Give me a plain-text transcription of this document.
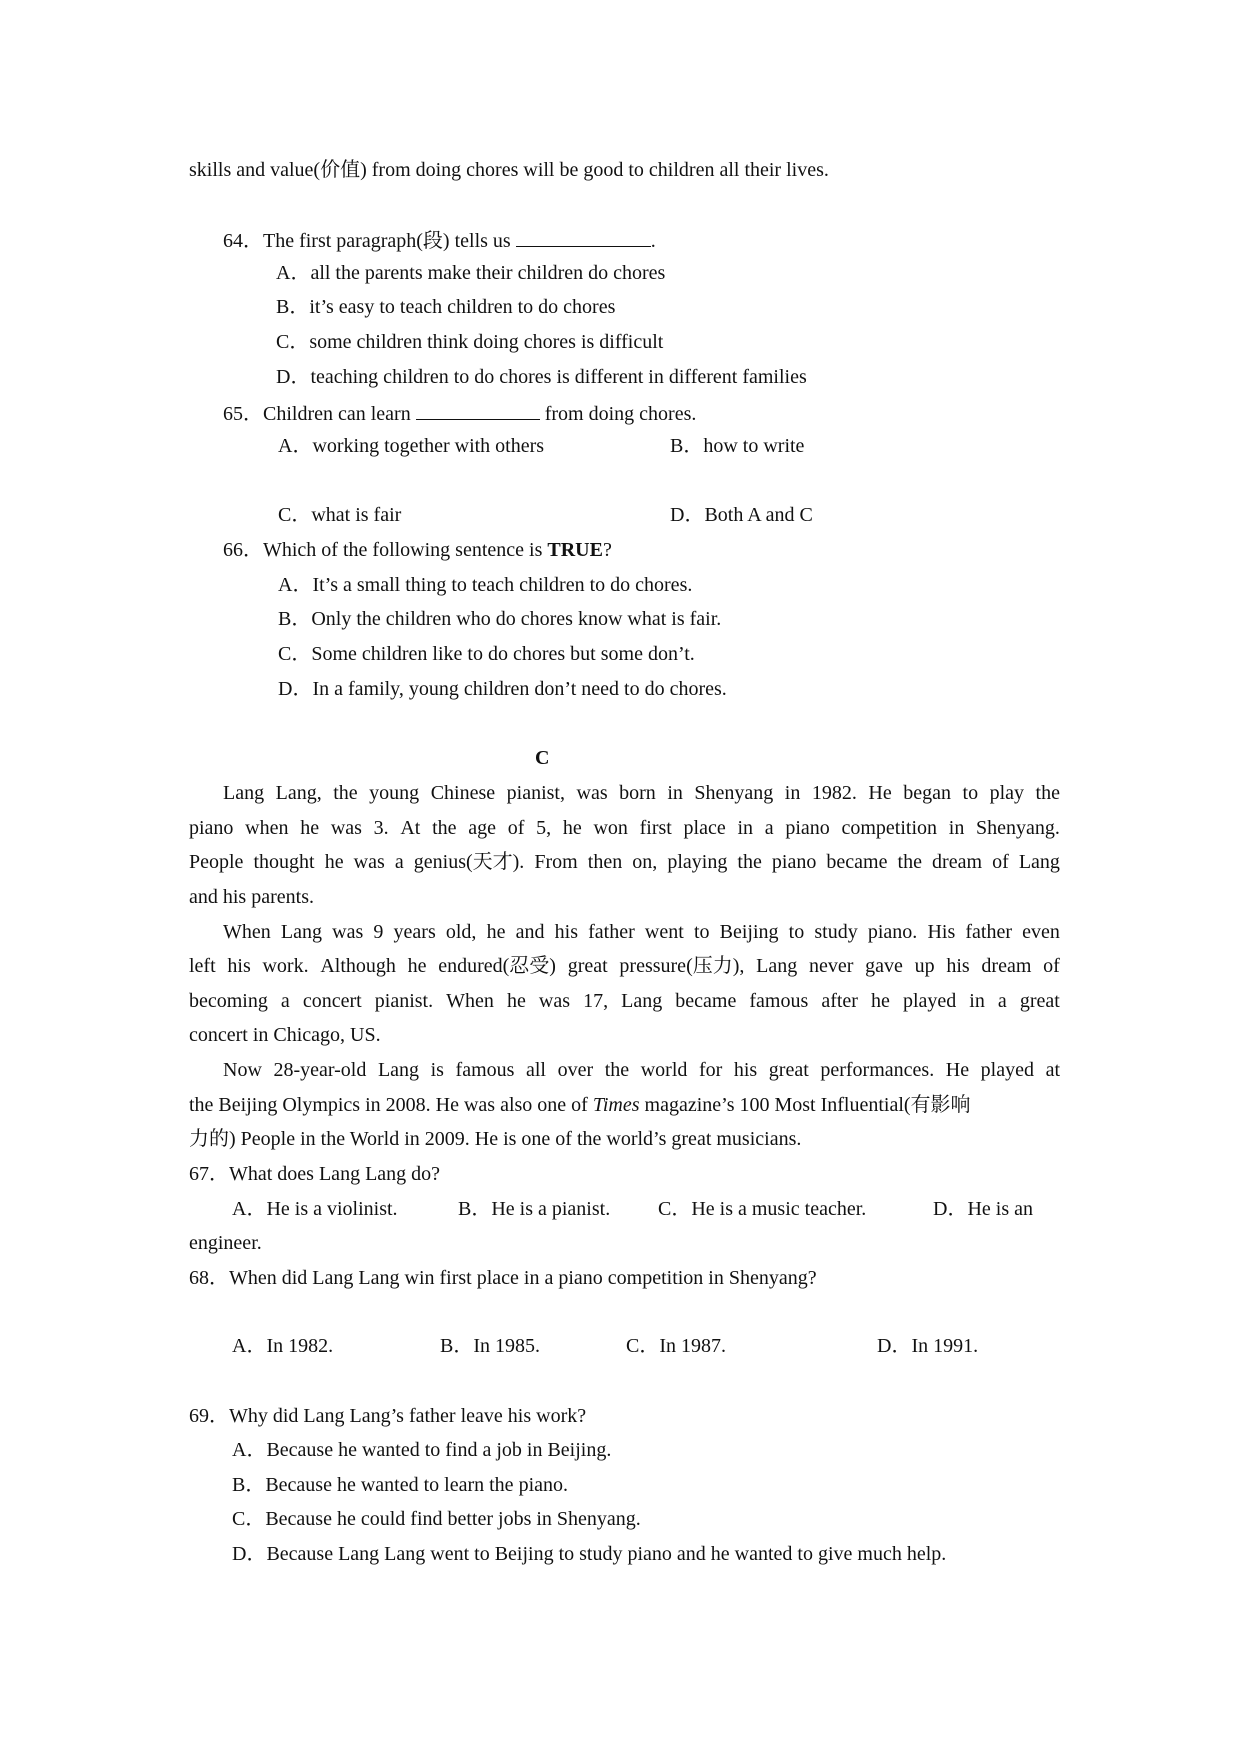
skills and value(价值) from doing chores will be good to children all their lives.
64．The first paragraph(段) tells us	.
A．all the parents make their children do chores
B．it’s easy to teach children to do chores
C．some children think doing chores is difficult
D．teaching children to do chores is different in different families
65．Children can learn	from doing chores.
A．working together with others	B．how to write
C．what is fair	D．Both A and C
66．Which of the following sentence is TRUE?
A．It’s a small thing to teach children to do chores.
B．Only the children who do chores know what is fair.
C．Some children like to do chores but some don’t.
D．In a family, young children don’t need to do chores.
C
Lang Lang, the young Chinese pianist, was born in Shenyang in 1982. He began to play the
piano when he was 3. At the age of 5, he won first place in a piano competition in Shenyang.
People thought he was a genius(天才). From then on, playing the piano became the dream of Lang
and his parents.
When Lang was 9 years old, he and his father went to Beijing to study piano. His father even
left his work. Although he endured(忍受) great pressure(压力), Lang never gave up his dream of
becoming a concert pianist. When he was 17, Lang became famous after he played in a great
concert in Chicago, US.
Now 28-year-old Lang is famous all over the world for his great performances. He played at
the Beijing Olympics in 2008. He was also one of Times magazine’s 100 Most Influential(有影响
力的) People in the World in 2009. He is one of the world’s great musicians.
67．What does Lang Lang do?
A．He is a violinist.	B．He is a pianist. C．He is a music teacher.	D．He is an
engineer.
68．When did Lang Lang win first place in a piano competition in Shenyang?
A．In 1982.	B．In 1985.	C．In 1987.	D．In 1991.
69．Why did Lang Lang’s father leave his work?
A．Because he wanted to find a job in Beijing.
B．Because he wanted to learn the piano.
C．Because he could find better jobs in Shenyang.
D．Because Lang Lang went to Beijing to study piano and he wanted to give much help.
